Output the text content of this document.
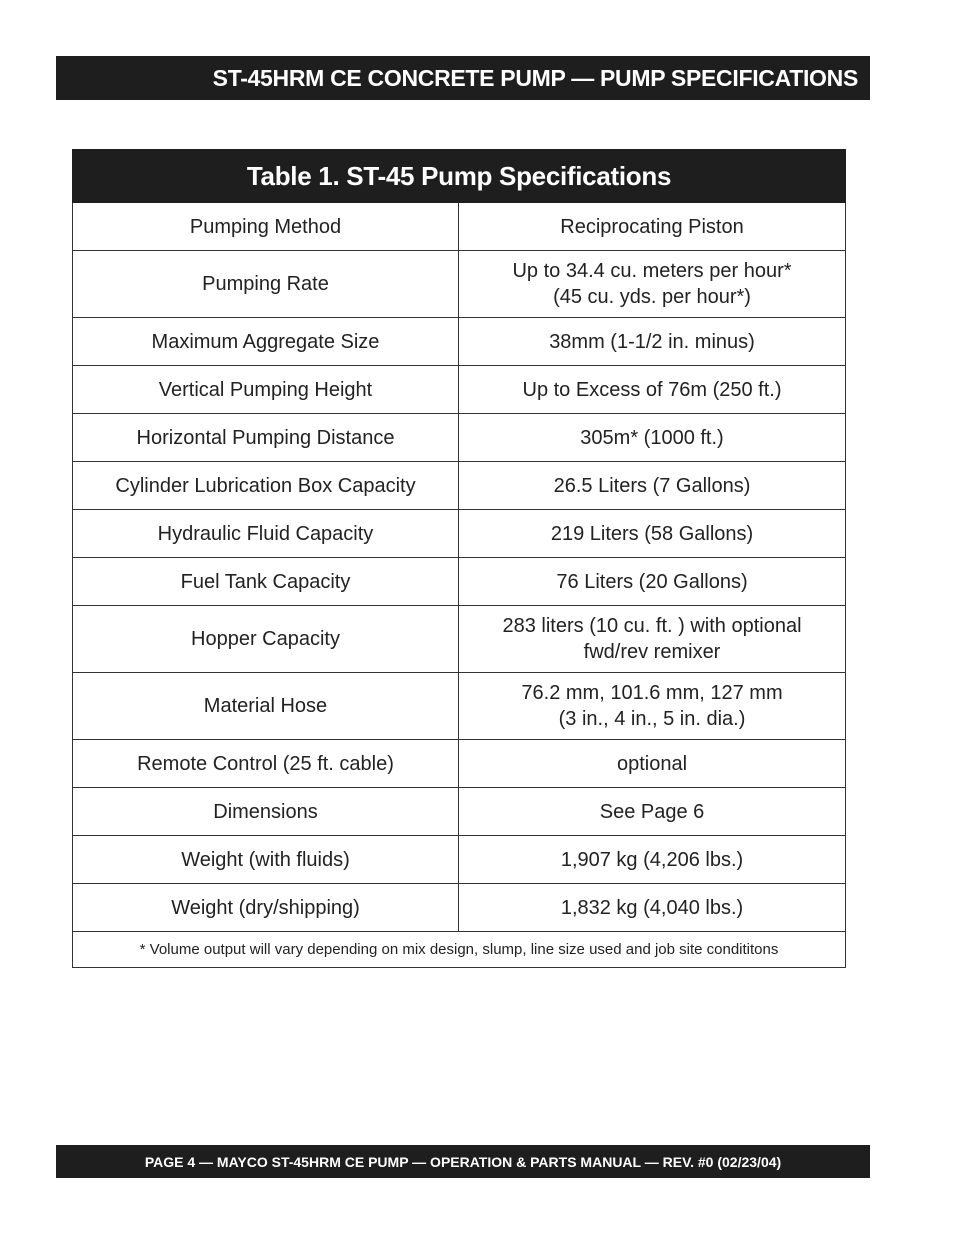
ST-45HRM CE CONCRETE PUMP — PUMP SPECIFICATIONS
Table 1. ST-45 Pump Specifications	
Pumping Method	Reciprocating Piston
Pumping Rate	Up to 34.4 cu. meters per hour*
(45 cu. yds. per hour*)
Maximum Aggregate Size	38mm (1-1/2 in. minus)
Vertical Pumping Height	Up to Excess of 76m (250 ft.)
Horizontal Pumping Distance	305m* (1000 ft.)
Cylinder Lubrication Box Capacity	26.5 Liters (7 Gallons)
Hydraulic Fluid Capacity	219 Liters (58 Gallons)
Fuel Tank Capacity	76 Liters (20 Gallons)
Hopper Capacity	283 liters (10 cu. ft. ) with optional
fwd/rev remixer
Material Hose	76.2 mm, 101.6 mm, 127 mm
(3 in., 4 in., 5 in. dia.)
Remote Control (25 ft. cable)	optional
Dimensions	See Page 6
Weight (with fluids)	1,907 kg (4,206 lbs.)
Weight (dry/shipping)	1,832 kg (4,040 lbs.)
* Volume output will vary depending on mix design, slump, line size used and job site condititons	
PAGE 4 — MAYCO ST-45HRM CE PUMP — OPERATION & PARTS MANUAL — REV. #0 (02/23/04)
